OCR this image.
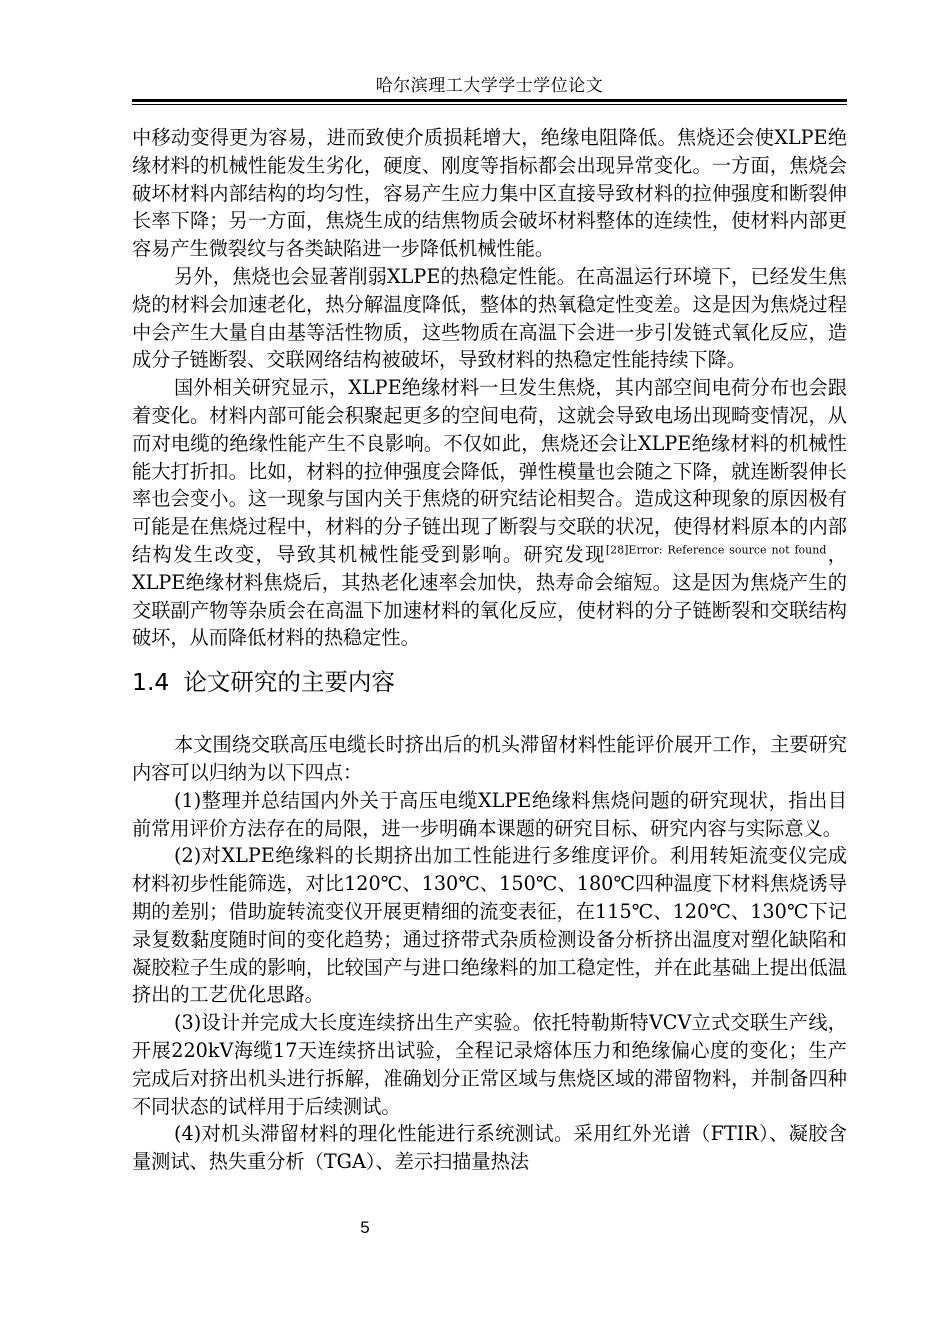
哈尔滨理工大学学士学位论文

中移动变得更为容易，进而致使介质损耗增大，绝缘电阻降低。焦烧还会使XLPE绝缘材料的机械性能发生劣化，硬度、刚度等指标都会出现异常变化。一方面，焦烧会破坏材料内部结构的均匀性，容易产生应力集中区直接导致材料的拉伸强度和断裂伸长率下降；另一方面，焦烧生成的结焦物质会破坏材料整体的连续性，使材料内部更容易产生微裂纹与各类缺陷进一步降低机械性能。

另外，焦烧也会显著削弱XLPE的热稳定性能。在高温运行环境下，已经发生焦烧的材料会加速老化，热分解温度降低，整体的热氧稳定性变差。这是因为焦烧过程中会产生大量自由基等活性物质，这些物质在高温下会进一步引发链式氧化反应，造成分子链断裂、交联网络结构被破坏，导致材料的热稳定性能持续下降。

国外相关研究显示，XLPE绝缘材料一旦发生焦烧，其内部空间电荷分布也会跟着变化。材料内部可能会积聚起更多的空间电荷，这就会导致电场出现畸变情况，从而对电缆的绝缘性能产生不良影响。不仅如此，焦烧还会让XLPE绝缘材料的机械性能大打折扣。比如，材料的拉伸强度会降低，弹性模量也会随之下降，就连断裂伸长率也会变小。这一现象与国内关于焦烧的研究结论相契合。造成这种现象的原因极有可能是在焦烧过程中，材料的分子链出现了断裂与交联的状况，使得材料原本的内部结构发生改变，导致其机械性能受到影响。研究发现$^{[28]Error: Reference source not found}$，XLPE绝缘材料焦烧后，其热老化速率会加快，热寿命会缩短。这是因为焦烧产生的交联副产物等杂质会在高温下加速材料的氧化反应，使材料的分子链断裂和交联结构破坏，从而降低材料的热稳定性。

1.4 论文研究的主要内容

本文围绕交联高压电缆长时挤出后的机头滞留材料性能评价展开工作，主要研究内容可以归纳为以下四点：

(1)整理并总结国内外关于高压电缆XLPE绝缘料焦烧问题的研究现状，指出目前常用评价方法存在的局限，进一步明确本课题的研究目标、研究内容与实际意义。

(2)对XLPE绝缘料的长期挤出加工性能进行多维度评价。利用转矩流变仪完成材料初步性能筛选，对比120℃、130℃、150℃、180℃四种温度下材料焦烧诱导期的差别；借助旋转流变仪开展更精细的流变表征，在115℃、120℃、130℃下记录复数黏度随时间的变化趋势；通过挤带式杂质检测设备分析挤出温度对塑化缺陷和凝胶粒子生成的影响，比较国产与进口绝缘料的加工稳定性，并在此基础上提出低温挤出的工艺优化思路。

(3)设计并完成大长度连续挤出生产实验。依托特勒斯特VCV立式交联生产线，开展220kV海缆17天连续挤出试验，全程记录熔体压力和绝缘偏心度的变化；生产完成后对挤出机头进行拆解，准确划分正常区域与焦烧区域的滞留物料，并制备四种不同状态的试样用于后续测试。

(4)对机头滞留材料的理化性能进行系统测试。采用红外光谱（FTIR）、凝胶含量测试、热失重分析（TGA）、差示扫描量热法

5
